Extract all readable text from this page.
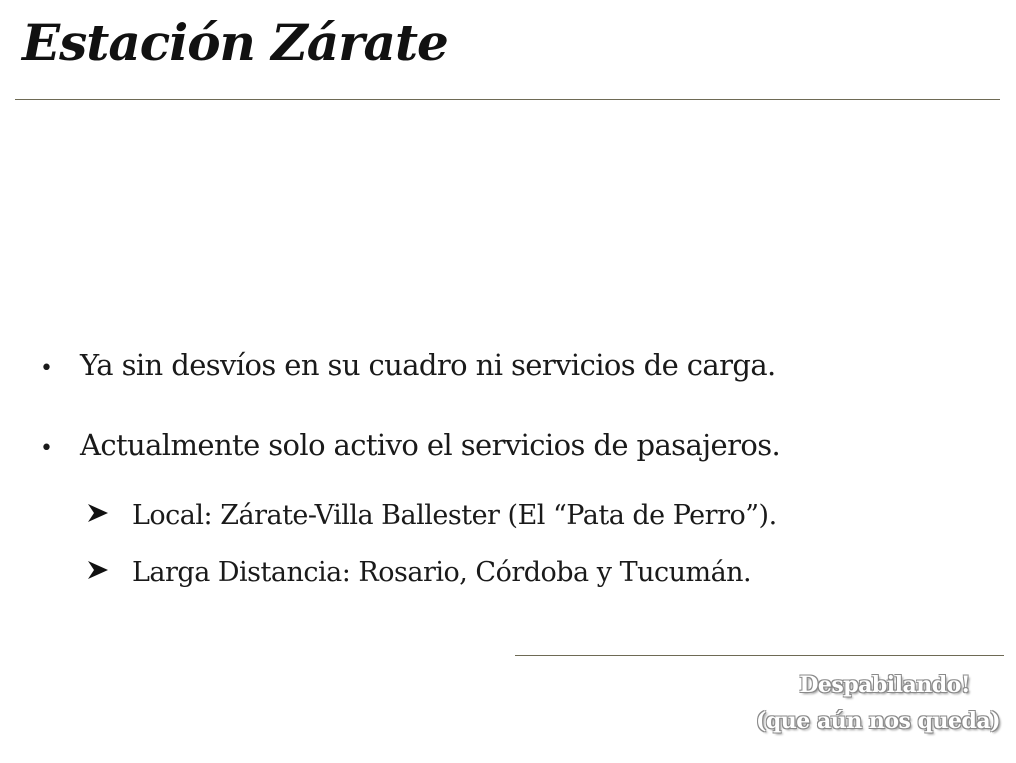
Estación Zárate
• Ya sin desvíos en su cuadro ni servicios de carga.
• Actualmente solo activo el servicios de pasajeros.
Local: Zárate-Villa Ballester (El “Pata de Perro”).
Larga Distancia: Rosario, Córdoba y Tucumán.
Despabilando!
(que aún nos queda)
